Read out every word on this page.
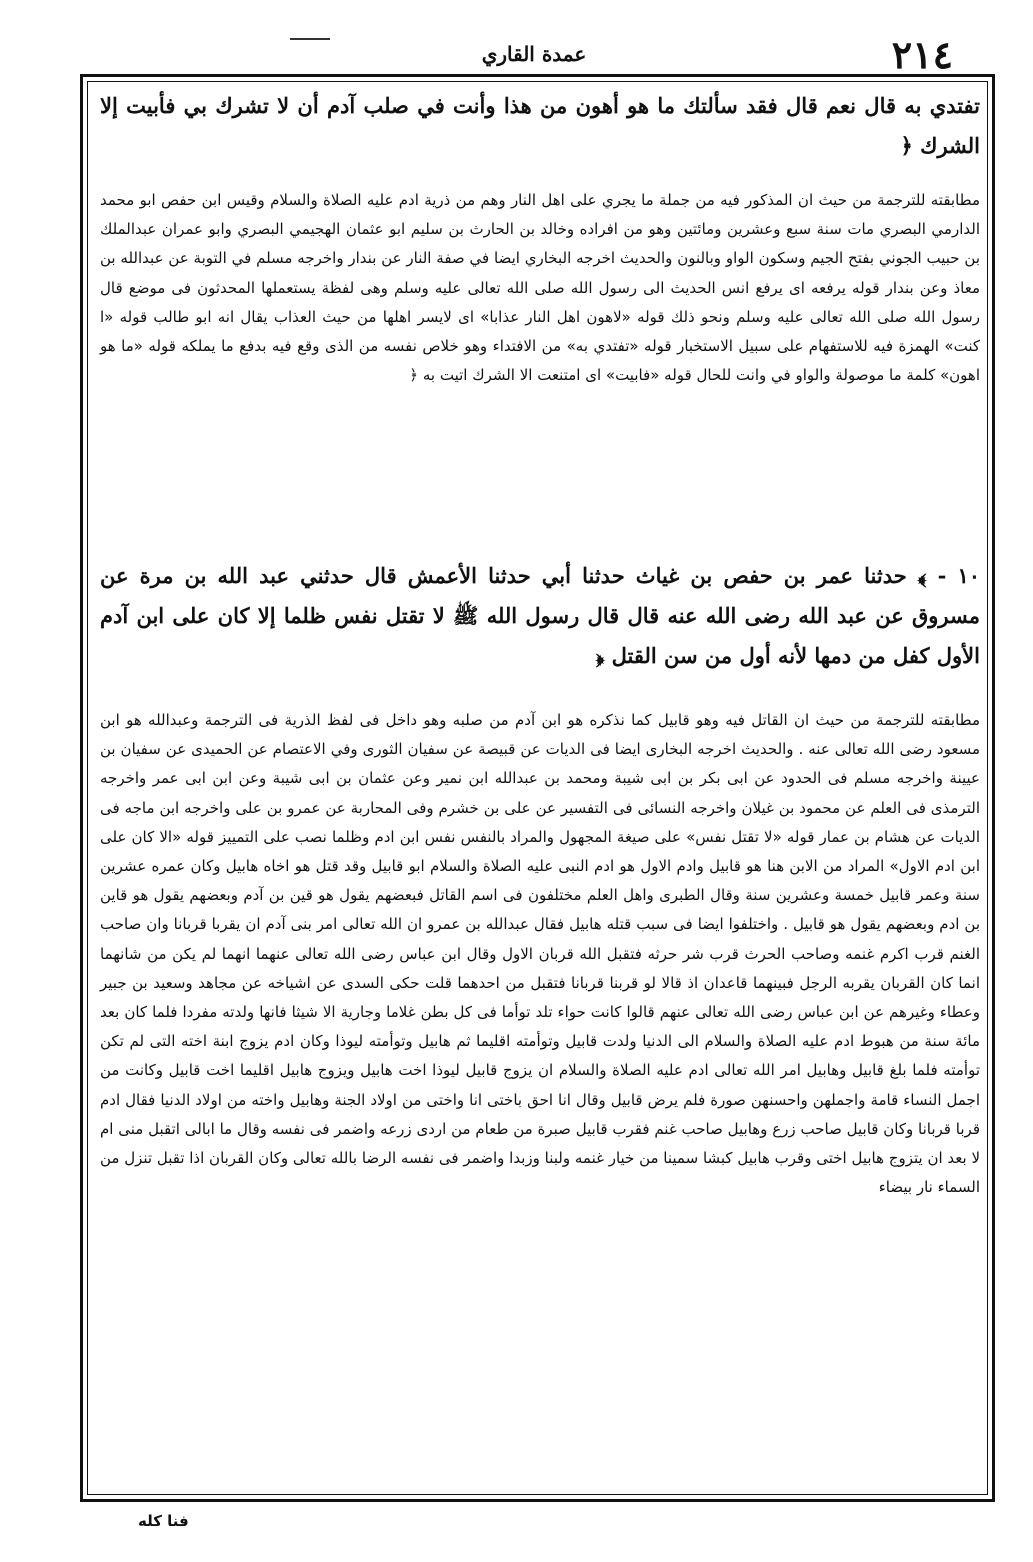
٢١٤
عمدة القاري

تفتدي به قال نعم قال فقد سألتك ما هو أهون من هذا وأنت في صلب آدم أن لا تشرك بي فأبيت إلا الشرك ﴿

مطابقته للترجمة من حيث ان المذكور فيه من جملة ما يجري على اهل النار وهم من ذرية ادم عليه الصلاة والسلام وقيس ابن حفص ابو محمد الدارمي البصري مات سنة سبع وعشرين ومائتين وهو من افراده وخالد بن الحارث بن سليم ابو عثمان الهجيمي البصري وابو عمران عبدالملك بن حبيب الجوني بفتح الجيم وسكون الواو وبالنون والحديث اخرجه البخاري ايضا في صفة النار عن بندار واخرجه مسلم في التوبة عن عبدالله بن معاذ وعن بندار قوله يرفعه اى يرفع انس الحديث الى رسول الله صلى الله تعالى عليه وسلم وهى لفظة يستعملها المحدثون فى موضع قال رسول الله صلى الله تعالى عليه وسلم ونحو ذلك قوله «لاهون اهل النار عذابا» اى لايسر اهلها من حيث العذاب يقال انه ابو طالب قوله «ا كنت» الهمزة فيه للاستفهام على سبيل الاستخبار قوله «تفتدي به» من الافتداء وهو خلاص نفسه من الذى وقع فيه بدفع ما يملكه قوله «ما هو اهون» كلمة ما موصولة والواو في وانت للحال قوله «فابيت» اى امتنعت الا الشرك اتيت به ﴿

١٠ - ﴾ حدثنا عمر بن حفص بن غياث حدثنا أبي حدثنا الأعمش قال حدثني عبد الله بن مرة عن مسروق عن عبد الله رضى الله عنه قال قال رسول الله ﷺ لا تقتل نفس ظلما إلا كان على ابن آدم الأول كفل من دمها لأنه أول من سن القتل ﴿

مطابقته للترجمة من حيث ان القاتل فيه وهو قابيل كما نذكره هو ابن آدم من صلبه وهو داخل فى لفظ الذرية فى الترجمة وعبدالله هو ابن مسعود رضى الله تعالى عنه . والحديث اخرجه البخارى ايضا فى الديات عن قبيصة عن سفيان الثورى وفي الاعتصام عن الحميدى عن سفيان بن عيينة واخرجه مسلم فى الحدود عن ابى بكر بن ابى شيبة ومحمد بن عبدالله ابن نمير وعن عثمان بن ابى شيبة وعن ابن ابى عمر واخرجه الترمذى فى العلم عن محمود بن غيلان واخرجه النسائى فى التفسير عن على بن خشرم وفى المحاربة عن عمرو بن على واخرجه ابن ماجه فى الديات عن هشام بن عمار قوله «لا تقتل نفس» على صيغة المجهول والمراد بالنفس نفس ابن ادم وظلما نصب على التمييز قوله «الا كان على ابن ادم الاول» المراد من الابن هنا هو قابيل وادم الاول هو ادم النبى عليه الصلاة والسلام ابو قابيل وقد قتل هو اخاه هابيل وكان عمره عشرين سنة وعمر قابيل خمسة وعشرين سنة وقال الطبرى واهل العلم مختلفون فى اسم القاتل فبعضهم يقول هو قين بن آدم وبعضهم يقول هو قاين بن ادم وبعضهم يقول هو قابيل . واختلفوا ايضا فى سبب قتله هابيل فقال عبدالله بن عمرو ان الله تعالى امر بنى آدم ان يقربا قربانا وان صاحب الغنم قرب اكرم غنمه وصاحب الحرث قرب شر حرثه فتقبل الله قربان الاول وقال ابن عباس رضى الله تعالى عنهما انهما لم يكن من شانهما انما كان القربان يقربه الرجل فبينهما قاعدان اذ قالا لو قربنا قربانا فتقبل من احدهما قلت حكى السدى عن اشياخه عن مجاهد وسعيد بن جبير وعطاء وغيرهم عن ابن عباس رضى الله تعالى عنهم قالوا كانت حواء تلد توأما فى كل بطن غلاما وجارية الا شيثا فانها ولدته مفردا فلما كان بعد مائة سنة من هبوط ادم عليه الصلاة والسلام الى الدنيا ولدت قابيل وتوأمته اقليما ثم هابيل وتوأمته ليوذا وكان ادم يزوج ابنة اخته التى لم تكن توأمته فلما بلغ قابيل وهابيل امر الله تعالى ادم عليه الصلاة والسلام ان يزوج قابيل ليوذا اخت هابيل ويزوج هابيل اقليما اخت قابيل وكانت من اجمل النساء قامة واجملهن واحسنهن صورة فلم يرض قابيل وقال انا احق باختى انا واختى من اولاد الجنة وهابيل واخته من اولاد الدنيا فقال ادم قربا قربانا وكان قابيل صاحب زرع وهابيل صاحب غنم فقرب قابيل صبرة من طعام من اردى زرعه واضمر فى نفسه وقال ما ابالى اتقبل منى ام لا بعد ان يتزوج هابيل اختى وقرب هابيل كبشا سمينا من خيار غنمه ولبنا وزبدا واضمر فى نفسه الرضا بالله تعالى وكان القربان اذا تقبل تنزل من السماء نار بيضاء

فنا كله
